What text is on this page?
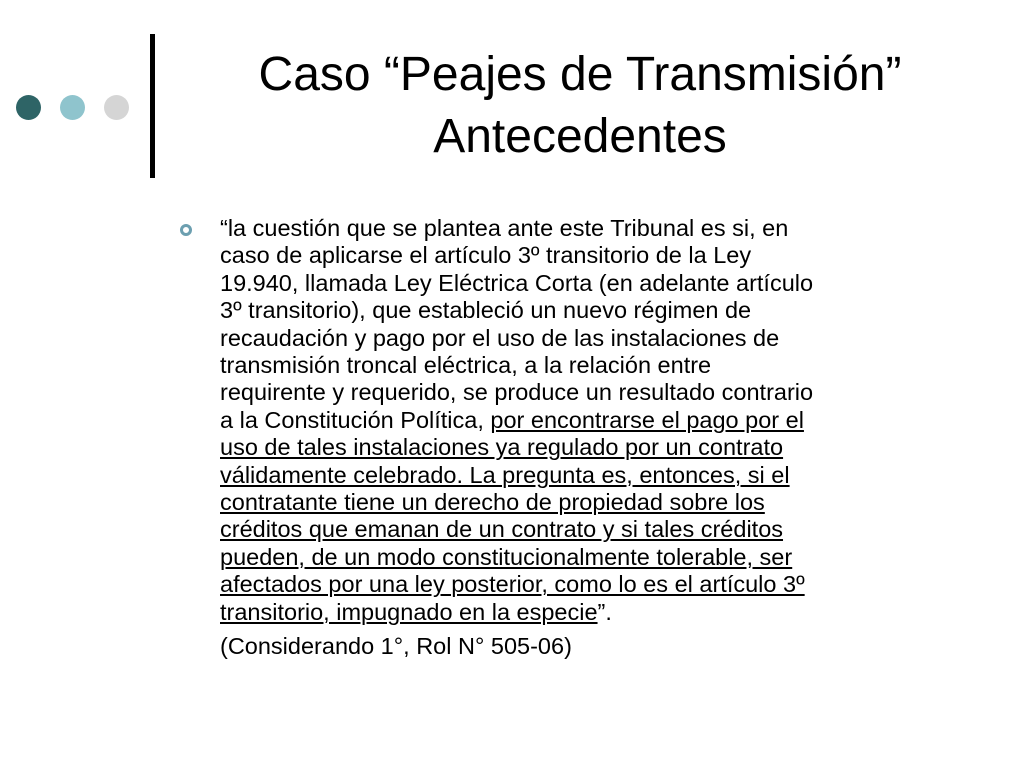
Caso “Peajes de Transmisión”
Antecedentes
“la cuestión que se plantea ante este Tribunal es si, en
caso de aplicarse el artículo 3º transitorio de la Ley
19.940, llamada Ley Eléctrica Corta (en adelante artículo
3º transitorio), que estableció un nuevo régimen de
recaudación y pago por el uso de las instalaciones de
transmisión troncal eléctrica, a la relación entre
requirente y requerido, se produce un resultado contrario
a la Constitución Política, por encontrarse el pago por el
uso de tales instalaciones ya regulado por un contrato
válidamente celebrado. La pregunta es, entonces, si el
contratante tiene un derecho de propiedad sobre los
créditos que emanan de un contrato y si tales créditos
pueden, de un modo constitucionalmente tolerable, ser
afectados por una ley posterior, como lo es el artículo 3º
transitorio, impugnado en la especie”.
(Considerando 1°, Rol N° 505-06)
